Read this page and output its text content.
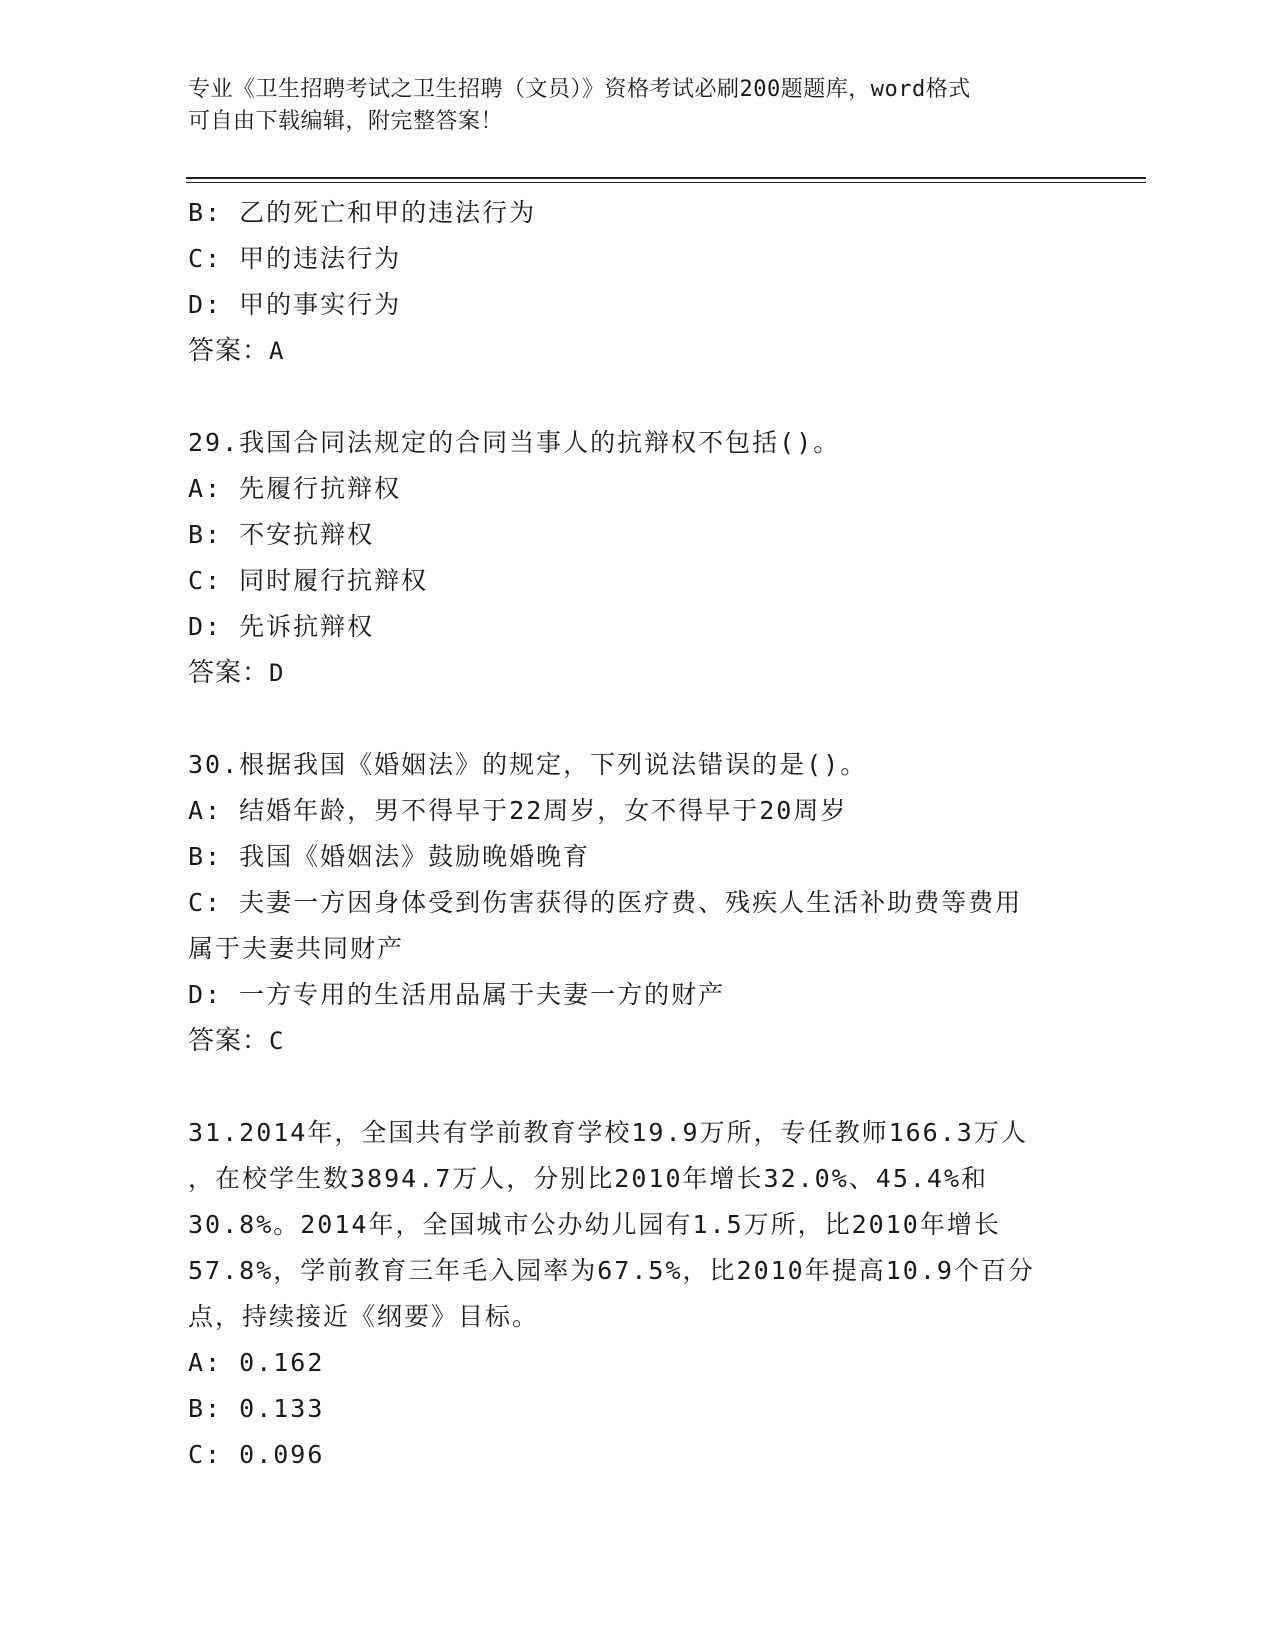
专业《卫生招聘考试之卫生招聘（文员）》资格考试必刷200题题库，word格式
可自由下载编辑，附完整答案！
B: 乙的死亡和甲的违法行为
C: 甲的违法行为
D: 甲的事实行为
答案：A
29.我国合同法规定的合同当事人的抗辩权不包括()。
A: 先履行抗辩权
B: 不安抗辩权
C: 同时履行抗辩权
D: 先诉抗辩权
答案：D
30.根据我国《婚姻法》的规定，下列说法错误的是()。
A: 结婚年龄，男不得早于22周岁，女不得早于20周岁
B: 我国《婚姻法》鼓励晚婚晚育
C: 夫妻一方因身体受到伤害获得的医疗费、残疾人生活补助费等费用
属于夫妻共同财产
D: 一方专用的生活用品属于夫妻一方的财产
答案：C
31.2014年，全国共有学前教育学校19.9万所，专任教师166.3万人
，在校学生数3894.7万人，分别比2010年增长32.0%、45.4%和
30.8%。2014年，全国城市公办幼儿园有1.5万所，比2010年增长
57.8%，学前教育三年毛入园率为67.5%，比2010年提高10.9个百分
点，持续接近《纲要》目标。
A: 0.162
B: 0.133
C: 0.096
